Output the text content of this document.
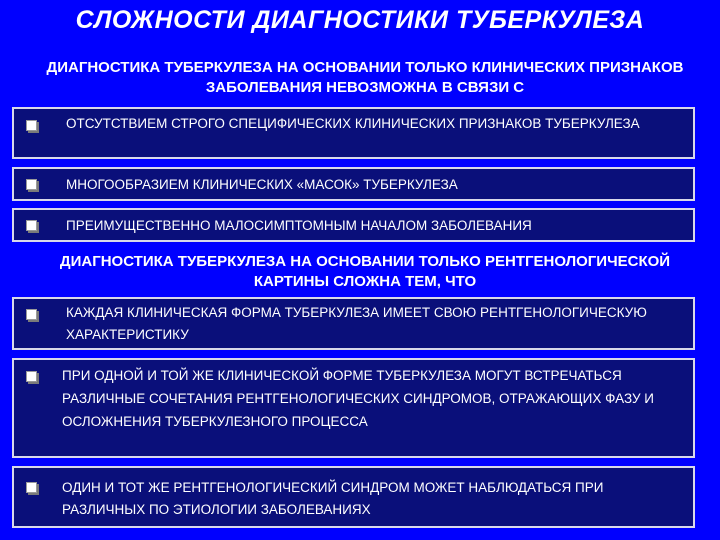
СЛОЖНОСТИ ДИАГНОСТИКИ ТУБЕРКУЛЕЗА
ДИАГНОСТИКА ТУБЕРКУЛЕЗА НА ОСНОВАНИИ ТОЛЬКО КЛИНИЧЕСКИХ ПРИЗНАКОВ ЗАБОЛЕВАНИЯ НЕВОЗМОЖНА В СВЯЗИ С
ОТСУТСТВИЕМ СТРОГО СПЕЦИФИЧЕСКИХ КЛИНИЧЕСКИХ ПРИЗНАКОВ ТУБЕРКУЛЕЗА
МНОГООБРАЗИЕМ КЛИНИЧЕСКИХ «МАСОК» ТУБЕРКУЛЕЗА
ПРЕИМУЩЕСТВЕННО МАЛОСИМПТОМНЫМ НАЧАЛОМ ЗАБОЛЕВАНИЯ
ДИАГНОСТИКА ТУБЕРКУЛЕЗА НА ОСНОВАНИИ ТОЛЬКО РЕНТГЕНОЛОГИЧЕСКОЙ КАРТИНЫ СЛОЖНА ТЕМ, ЧТО
КАЖДАЯ КЛИНИЧЕСКАЯ ФОРМА ТУБЕРКУЛЕЗА ИМЕЕТ СВОЮ РЕНТГЕНОЛОГИЧЕСКУЮ ХАРАКТЕРИСТИКУ
ПРИ ОДНОЙ И ТОЙ ЖЕ КЛИНИЧЕСКОЙ ФОРМЕ ТУБЕРКУЛЕЗА МОГУТ ВСТРЕЧАТЬСЯ РАЗЛИЧНЫЕ СОЧЕТАНИЯ РЕНТГЕНОЛОГИЧЕСКИХ СИНДРОМОВ, ОТРАЖАЮЩИХ ФАЗУ И ОСЛОЖНЕНИЯ ТУБЕРКУЛЕЗНОГО ПРОЦЕССА
ОДИН И ТОТ ЖЕ РЕНТГЕНОЛОГИЧЕСКИЙ СИНДРОМ МОЖЕТ НАБЛЮДАТЬСЯ ПРИ РАЗЛИЧНЫХ ПО ЭТИОЛОГИИ ЗАБОЛЕВАНИЯХ
